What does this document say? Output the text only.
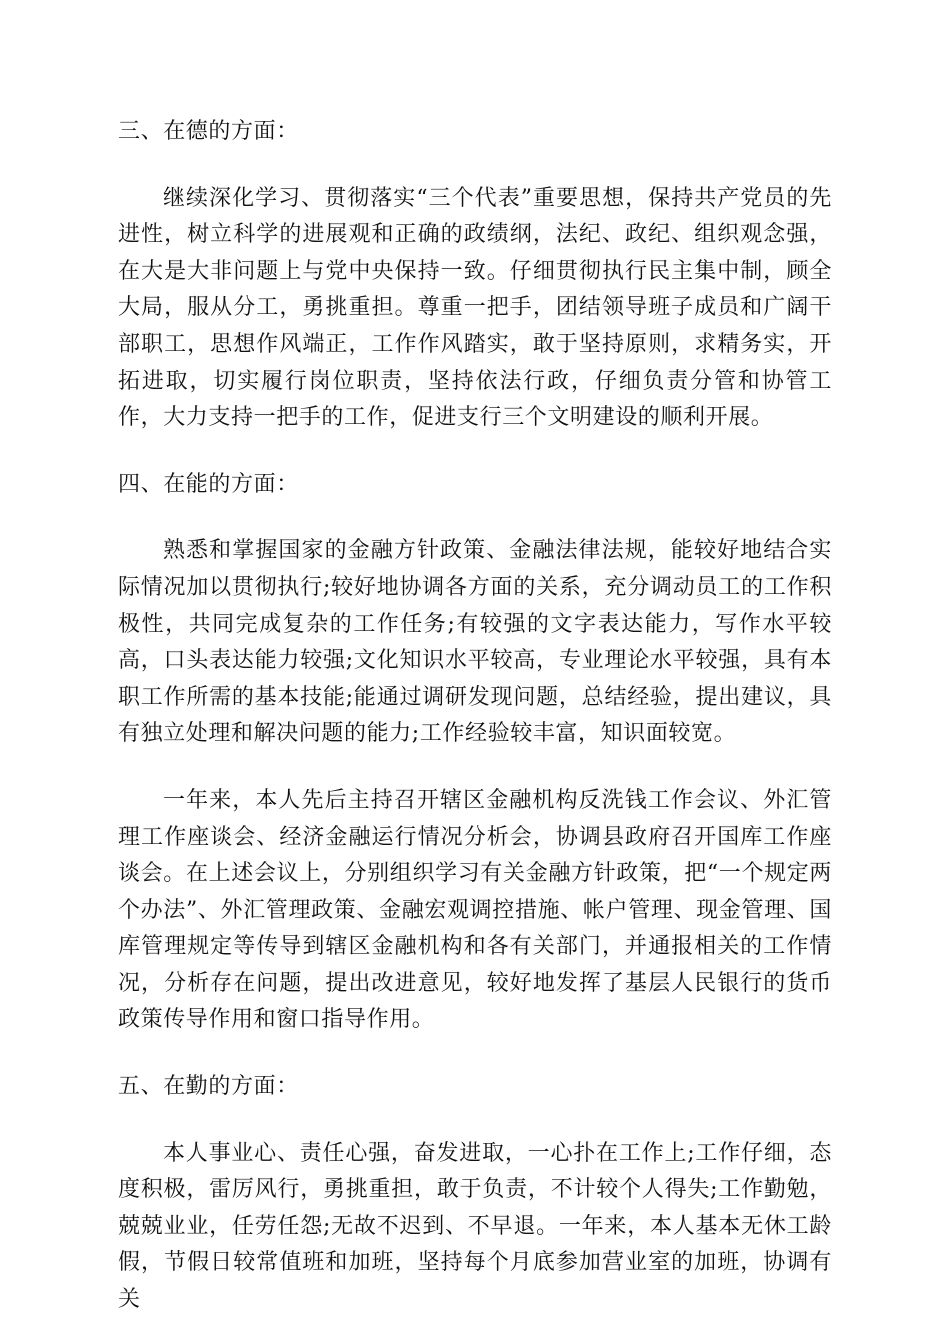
三、在德的方面：
继续深化学习、贯彻落实“三个代表”重要思想，保持共产党员的先进性，树立科学的进展观和正确的政绩纲，法纪、政纪、组织观念强，在大是大非问题上与党中央保持一致。仔细贯彻执行民主集中制，顾全大局，服从分工，勇挑重担。尊重一把手，团结领导班子成员和广阔干部职工，思想作风端正，工作作风踏实，敢于坚持原则，求精务实，开拓进取，切实履行岗位职责，坚持依法行政，仔细负责分管和协管工作，大力支持一把手的工作，促进支行三个文明建设的顺利开展。
四、在能的方面：
熟悉和掌握国家的金融方针政策、金融法律法规，能较好地结合实际情况加以贯彻执行;较好地协调各方面的关系，充分调动员工的工作积极性，共同完成复杂的工作任务;有较强的文字表达能力，写作水平较高，口头表达能力较强;文化知识水平较高，专业理论水平较强，具有本职工作所需的基本技能;能通过调研发现问题，总结经验，提出建议，具有独立处理和解决问题的能力;工作经验较丰富，知识面较宽。
一年来，本人先后主持召开辖区金融机构反洗钱工作会议、外汇管理工作座谈会、经济金融运行情况分析会，协调县政府召开国库工作座谈会。在上述会议上，分别组织学习有关金融方针政策，把“一个规定两个办法”、外汇管理政策、金融宏观调控措施、帐户管理、现金管理、国库管理规定等传导到辖区金融机构和各有关部门，并通报相关的工作情况，分析存在问题，提出改进意见，较好地发挥了基层人民银行的货币政策传导作用和窗口指导作用。
五、在勤的方面：
本人事业心、责任心强，奋发进取，一心扑在工作上;工作仔细，态度积极，雷厉风行，勇挑重担，敢于负责，不计较个人得失;工作勤勉，兢兢业业，任劳任怨;无故不迟到、不早退。一年来，本人基本无休工龄假，节假日较常值班和加班，坚持每个月底参加营业室的加班，协调有关
